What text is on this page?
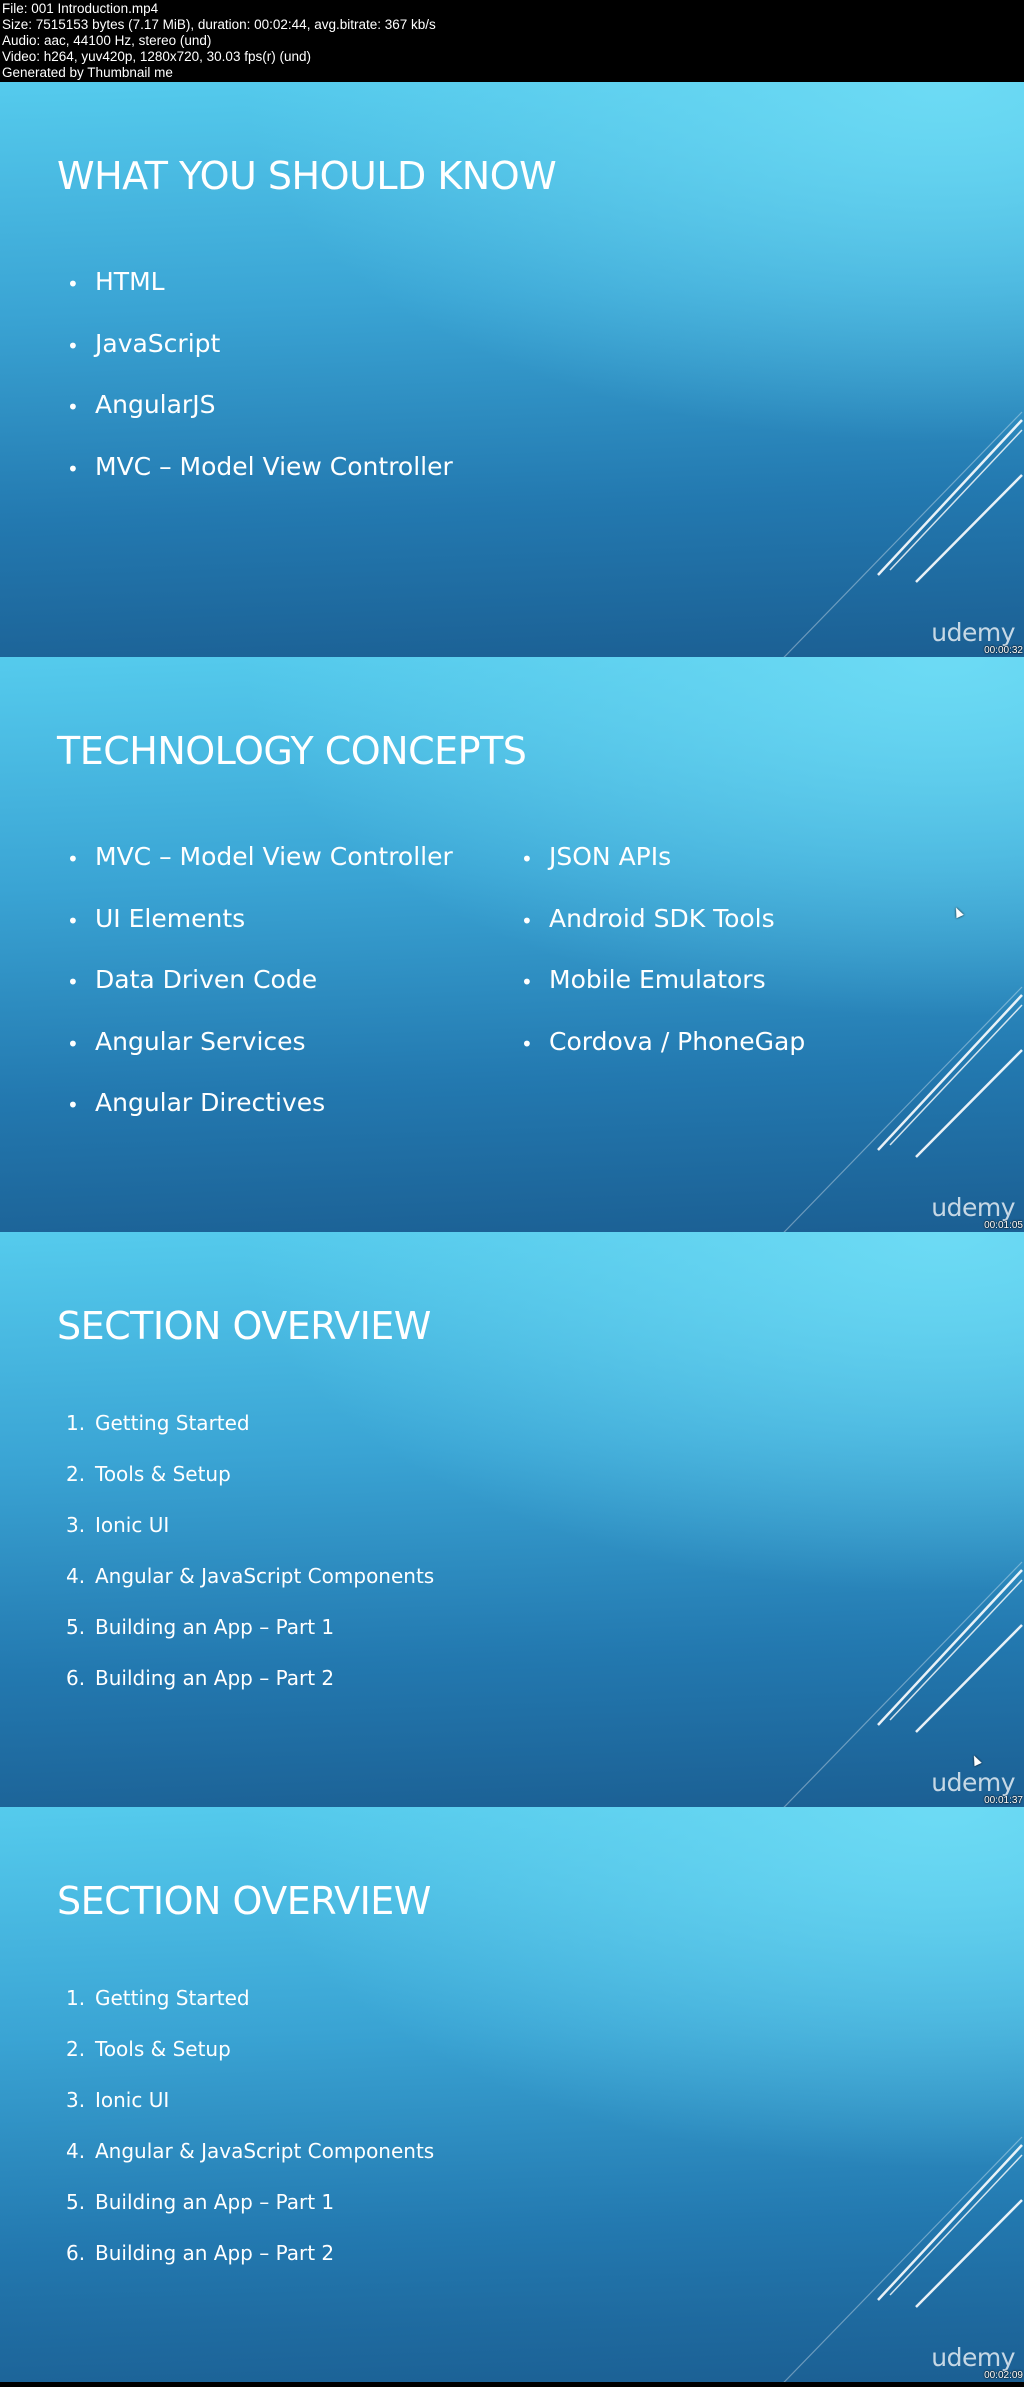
File: 001 Introduction.mp4
Size: 7515153 bytes (7.17 MiB), duration: 00:02:44, avg.bitrate: 367 kb/s
Audio: aac, 44100 Hz, stereo (und)
Video: h264, yuv420p, 1280x720, 30.03 fps(r) (und)
Generated by Thumbnail me
WHAT YOU SHOULD KNOW
• HTML
• JavaScript
• AngularJS
• MVC – Model View Controller
udemy
00:00:32
TECHNOLOGY CONCEPTS
• MVC – Model View Controller
• UI Elements
• Data Driven Code
• Angular Services
• Angular Directives
• JSON APIs
• Android SDK Tools
• Mobile Emulators
• Cordova / PhoneGap
udemy
00:01:05
SECTION OVERVIEW
1. Getting Started
2. Tools & Setup
3. Ionic UI
4. Angular & JavaScript Components
5. Building an App – Part 1
6. Building an App – Part 2
udemy
00:01:37
SECTION OVERVIEW
1. Getting Started
2. Tools & Setup
3. Ionic UI
4. Angular & JavaScript Components
5. Building an App – Part 1
6. Building an App – Part 2
udemy
00:02:09
